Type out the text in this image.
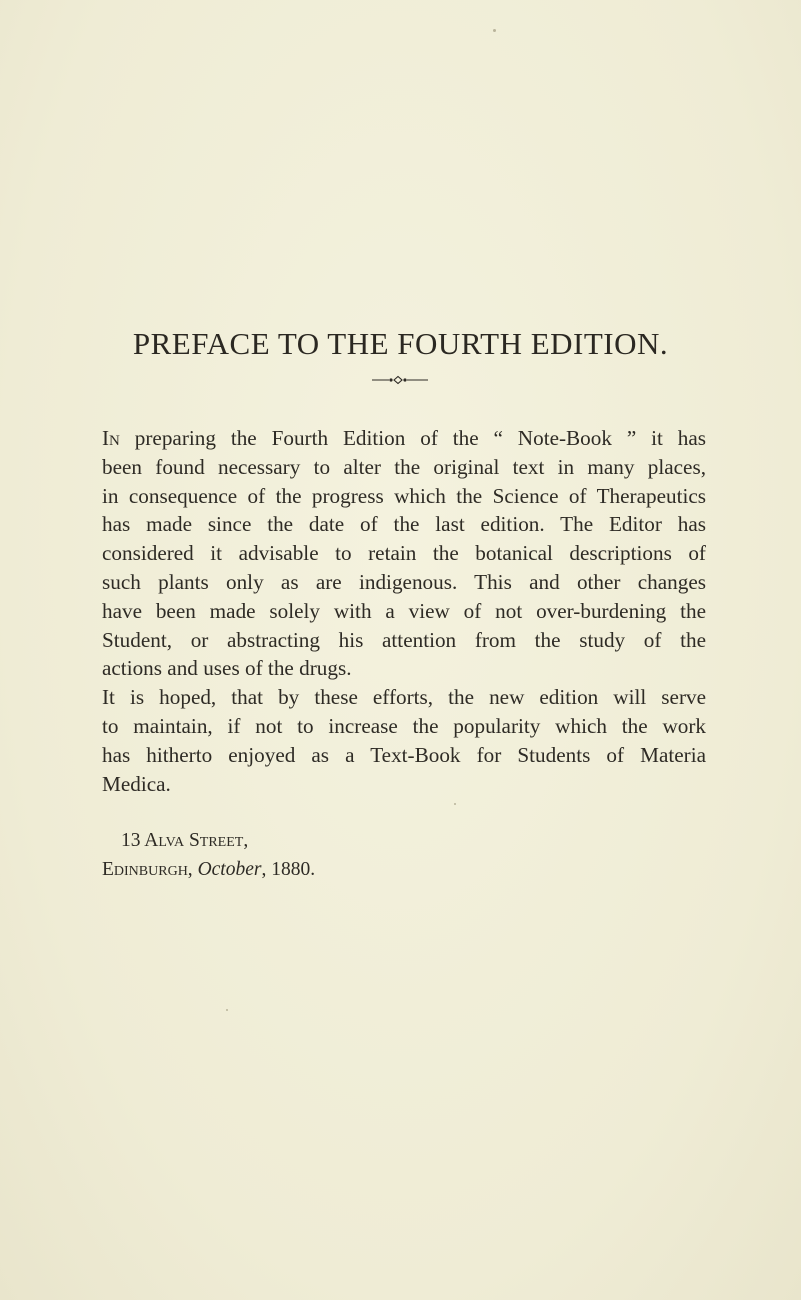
PREFACE TO THE FOURTH EDITION.

In preparing the Fourth Edition of the “ Note-Book ” it has
been found necessary to alter the original text in many places,
in consequence of the progress which the Science of Therapeutics
has made since the date of the last edition. The Editor has
considered it advisable to retain the botanical descriptions of
such plants only as are indigenous. This and other changes
have been made solely with a view of not over-burdening the
Student, or abstracting his attention from the study of the
actions and uses of the drugs.

It is hoped, that by these efforts, the new edition will serve
to maintain, if not to increase the popularity which the work
has hitherto enjoyed as a Text-Book for Students of Materia
Medica.

13 Alva Street,
Edinburgh, October, 1880.
